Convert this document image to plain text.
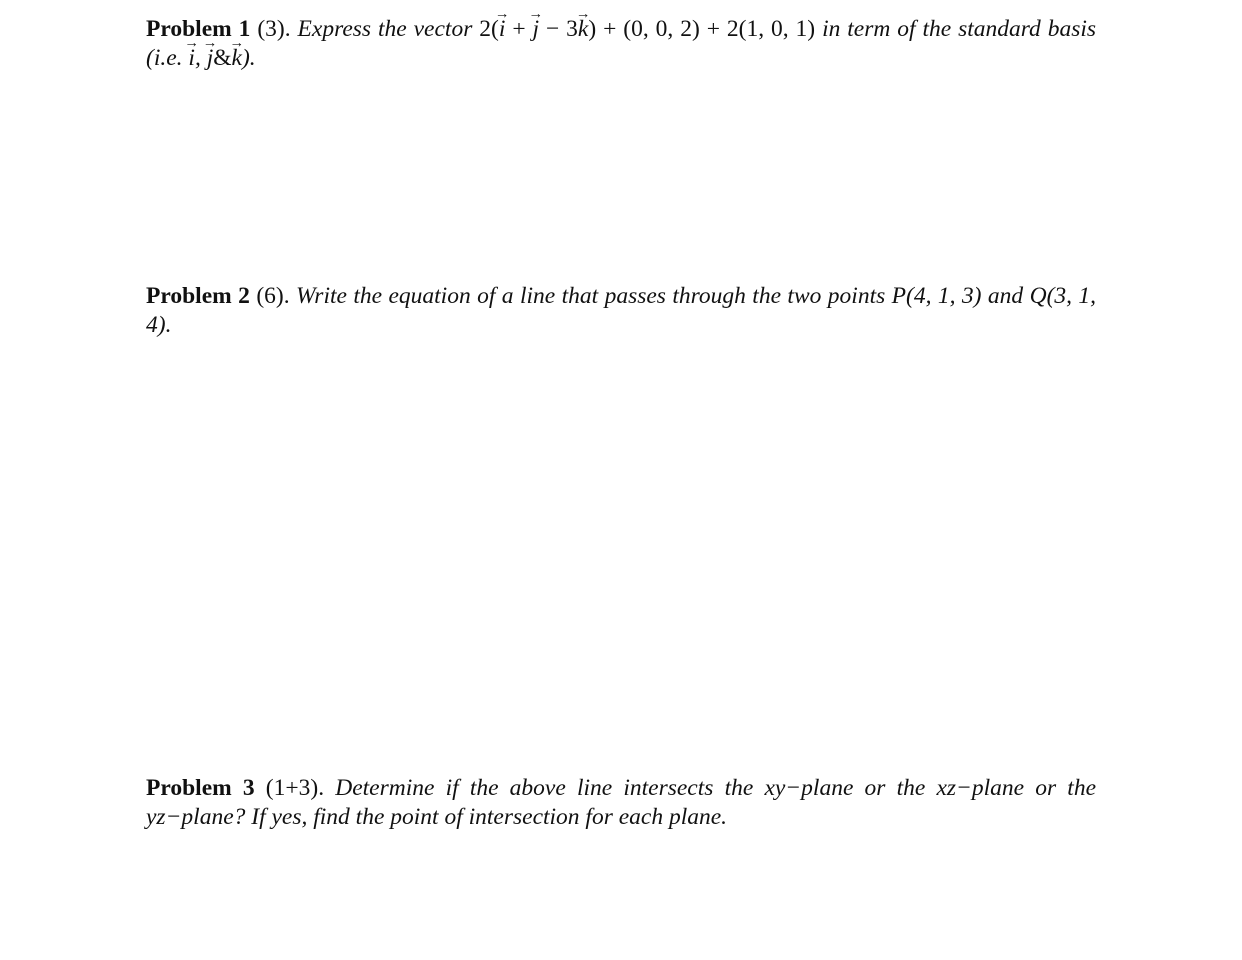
Problem 1 (3). Express the vector 2(→ i + → j − 3→ k) + (0, 0, 2) + 2(1, 0, 1) in term of the standard basis (i.e. → i, → j&→ k).

Problem 2 (6). Write the equation of a line that passes through the two points P(4, 1, 3) and Q(3, 1, 4).

Problem 3 (1+3). Determine if the above line intersects the xy−plane or the xz−plane or the yz−plane? If yes, find the point of intersection for each plane.
